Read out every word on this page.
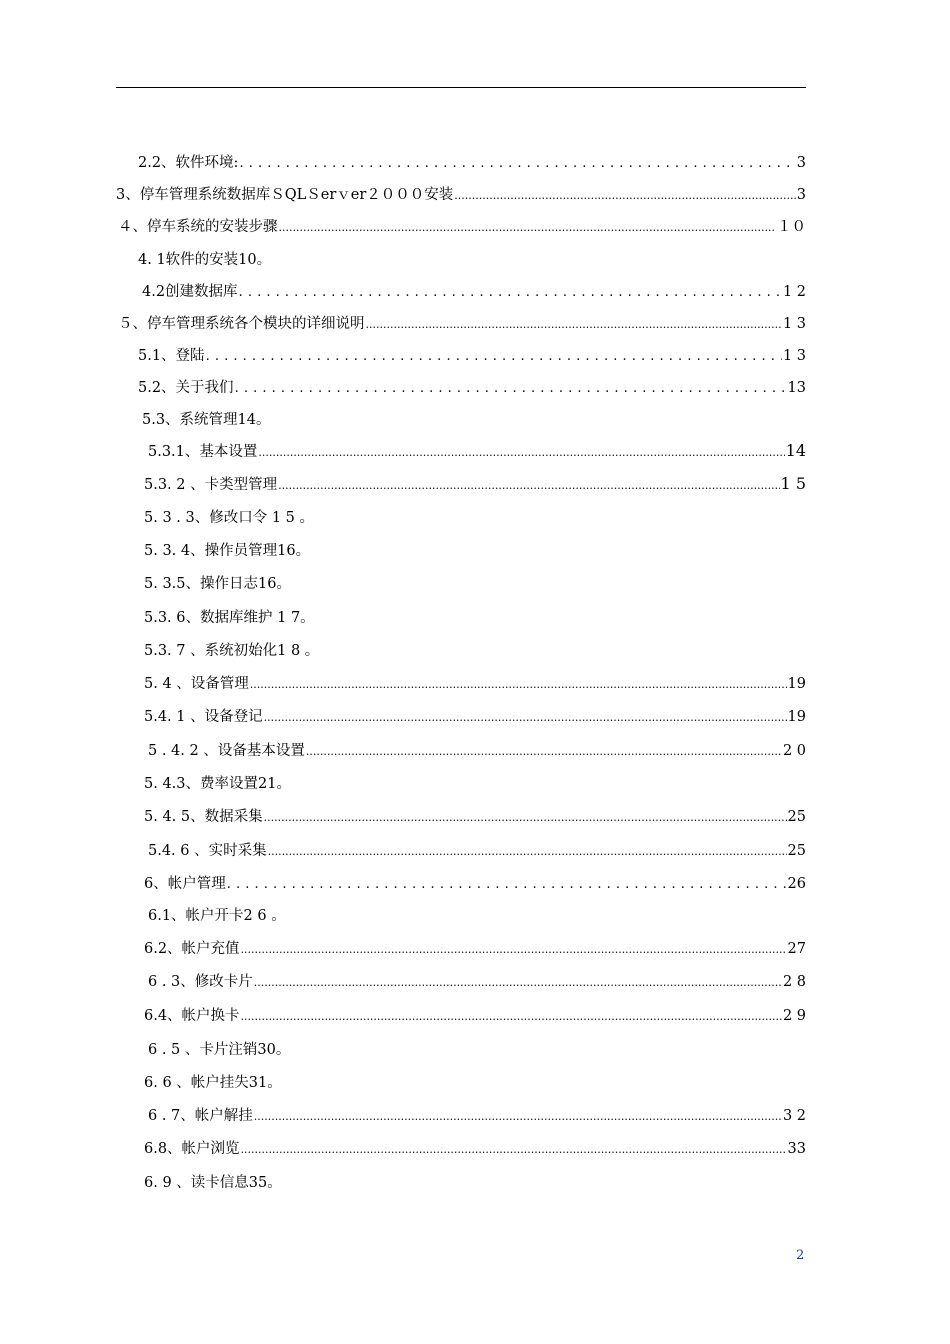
2.2、软件环境: . . .	3
3、停车管理系统数据库ＳQLＳerｖer２０００安装 .....	3
４、停车系统的安装步骤 .....	１０
4. 1软件的安装10。
4.2创建数据库 . . .	1 2
５、停车管理系统各个模块的详细说明 .....	1 3
5.1、登陆 . . .	1 3
5.2、关于我们 . . .	13
5.3、系统管理14。
5.3.1、基本设置 .....	14
5.3. 2 、卡类型管理 .....	1 5
5. 3 . 3、修改口令 1 5 。
5. 3. 4、操作员管理16。
5. 3.5、操作日志16。
5.3. 6、数据库维护 1 7。
5.3. 7 、系统初始化1 8 。
5. 4 、设备管理 .....	19
5.4. 1 、设备登记 .....	19
5 . 4. 2 、设备基本设置 .....	2 0
5. 4.3、费率设置21。
5. 4. 5、数据采集 .....	25
5.4. 6 、实时采集 .....	25
6、帐户管理 . . .	26
6.1、帐户开卡2 6 。
6.2、帐户充值 .....	27
6 . 3、修改卡片 .....	2 8
6.4、帐户换卡 .....	2 9
6 . 5 、卡片注销30。
6. 6 、帐户挂失31。
6 . 7、帐户解挂 .....	3 2
6.8、帐户浏览 .....	33
6. 9 、读卡信息35。
2
